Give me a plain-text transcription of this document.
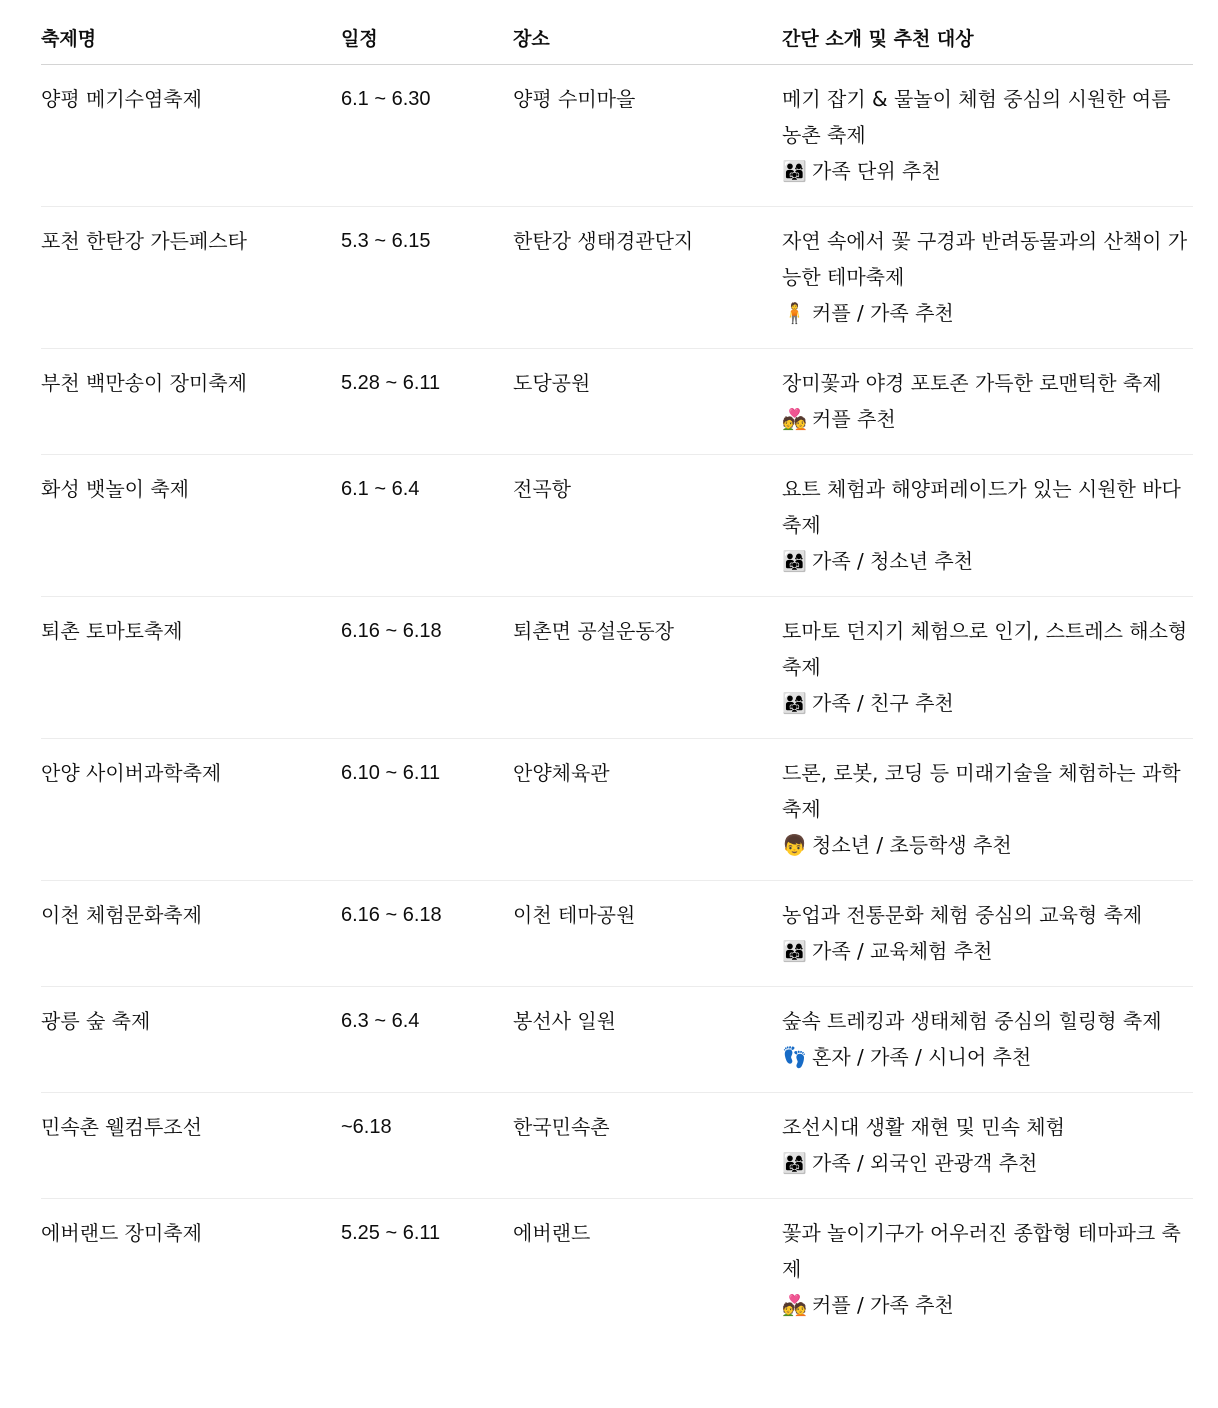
축제명	일정	장소	간단 소개 및 추천 대상
양평 메기수염축제	6.1 ~ 6.30	양평 수미마을	메기 잡기 & 물놀이 체험 중심의 시원한 여름 농촌 축제
👨‍👩‍👧 가족 단위 추천

포천 한탄강 가든페스타	5.3 ~ 6.15	한탄강 생태경관단지	자연 속에서 꽃 구경과 반려동물과의 산책이 가능한 테마축제
🧍 커플 / 가족 추천

부천 백만송이 장미축제	5.28 ~ 6.11	도당공원	장미꽃과 야경 포토존 가득한 로맨틱한 축제
💑 커플 추천

화성 뱃놀이 축제	6.1 ~ 6.4	전곡항	요트 체험과 해양퍼레이드가 있는 시원한 바다축제
👨‍👩‍👧 가족 / 청소년 추천

퇴촌 토마토축제	6.16 ~ 6.18	퇴촌면 공설운동장	토마토 던지기 체험으로 인기, 스트레스 해소형 축제
👨‍👩‍👧 가족 / 친구 추천

안양 사이버과학축제	6.10 ~ 6.11	안양체육관	드론, 로봇, 코딩 등 미래기술을 체험하는 과학축제
👦 청소년 / 초등학생 추천

이천 체험문화축제	6.16 ~ 6.18	이천 테마공원	농업과 전통문화 체험 중심의 교육형 축제
👨‍👩‍👧 가족 / 교육체험 추천

광릉 숲 축제	6.3 ~ 6.4	봉선사 일원	숲속 트레킹과 생태체험 중심의 힐링형 축제
👣 혼자 / 가족 / 시니어 추천

민속촌 웰컴투조선	~6.18	한국민속촌	조선시대 생활 재현 및 민속 체험
👨‍👩‍👧 가족 / 외국인 관광객 추천

에버랜드 장미축제	5.25 ~ 6.11	에버랜드	꽃과 놀이기구가 어우러진 종합형 테마파크 축제
💑 커플 / 가족 추천
